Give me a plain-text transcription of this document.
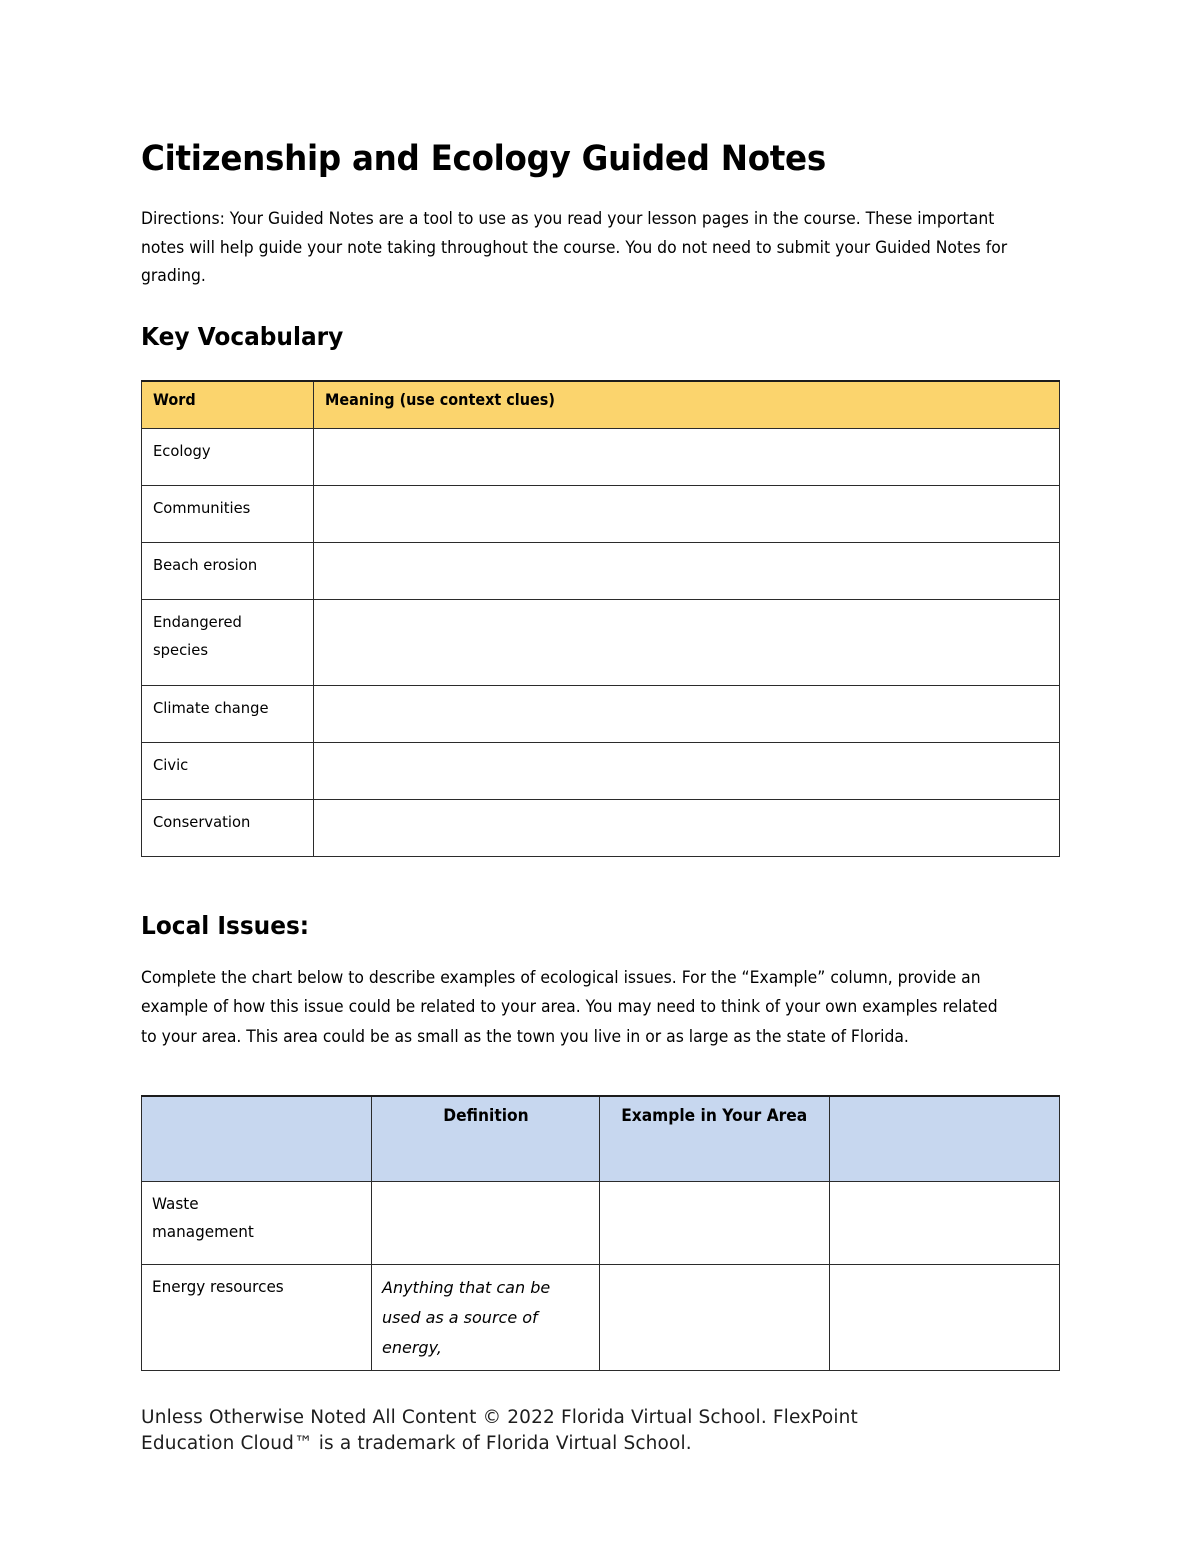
Citizenship and Ecology Guided Notes

Directions: Your Guided Notes are a tool to use as you read your lesson pages in the course. These important notes will help guide your note taking throughout the course. You do not need to submit your Guided Notes for grading.

Key Vocabulary
Word	Meaning (use context clues)
Ecology	
Communities	
Beach erosion	
Endangered species	
Climate change	
Civic	
Conservation	
Local Issues:

Complete the chart below to describe examples of ecological issues. For the “Example” column, provide an example of how this issue could be related to your area. You may need to think of your own examples related to your area. This area could be as small as the town you live in or as large as the state of Florida.

	Definition	Example in Your Area	
Waste management			
Energy resources	Anything that can be used as a source of energy,		
Unless Otherwise Noted All Content © 2022 Florida Virtual School. FlexPoint
Education Cloud™ is a trademark of Florida Virtual School.
